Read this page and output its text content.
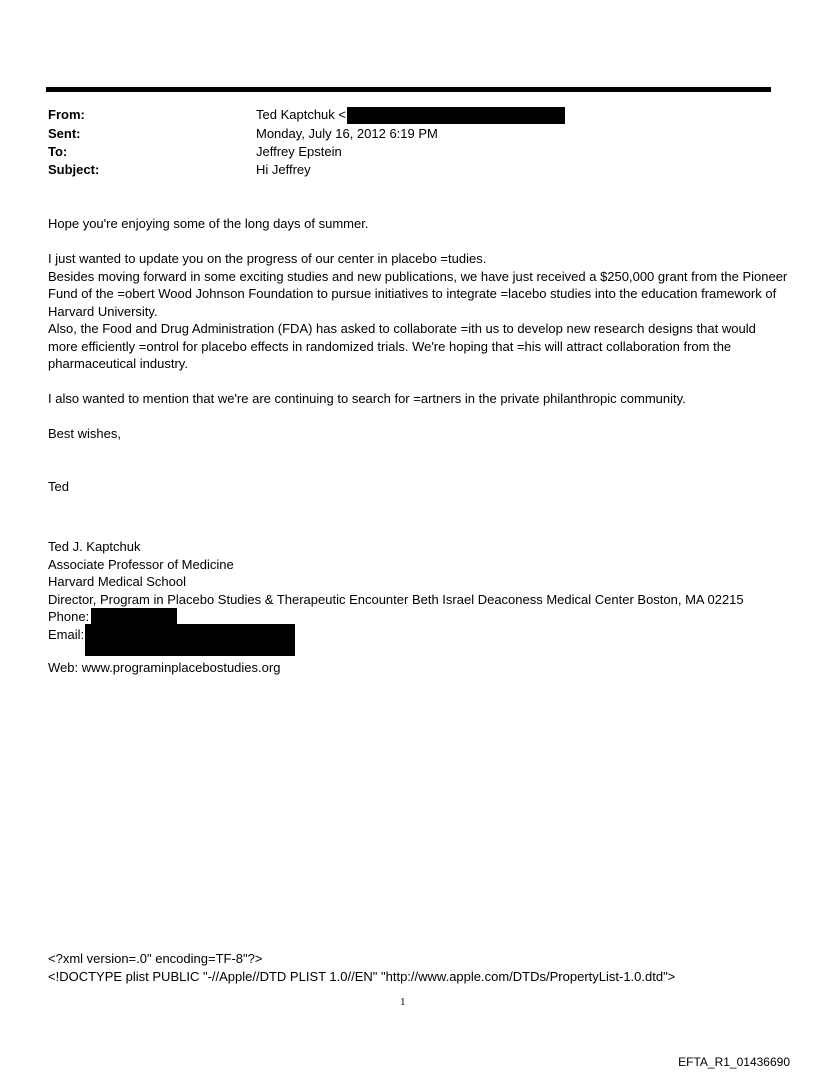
From:	Ted Kaptchuk <
Sent:	Monday, July 16, 2012 6:19 PM
To:	Jeffrey Epstein
Subject:	Hi Jeffrey

Hope you're enjoying some of the long days of summer.

I just wanted to update you on the progress of our center in placebo =tudies.

Besides moving forward in some exciting studies and new publications, we have just received a $250,000 grant from the Pioneer Fund of the =obert Wood Johnson Foundation to pursue initiatives to integrate =lacebo studies into the education framework of Harvard University.

Also, the Food and Drug Administration (FDA) has asked to collaborate =ith us to develop new research designs that would more efficiently =ontrol for placebo effects in randomized trials. We're hoping that =his will attract collaboration from the pharmaceutical industry.

I also wanted to mention that we're are continuing to search for =artners in the private philanthropic community.

Best wishes,

Ted

Ted J. Kaptchuk
Associate Professor of Medicine
Harvard Medical School
Director, Program in Placebo Studies & Therapeutic Encounter Beth Israel Deaconess Medical Center Boston, MA 02215
Phone:
Email:
Web: www.programinplacebostudies.org
<?xml version=.0" encoding=TF-8"?>
<!DOCTYPE plist PUBLIC "-//Apple//DTD PLIST 1.0//EN" "http://www.apple.com/DTDs/PropertyList-1.0.dtd">
1
EFTA_R1_01436690
